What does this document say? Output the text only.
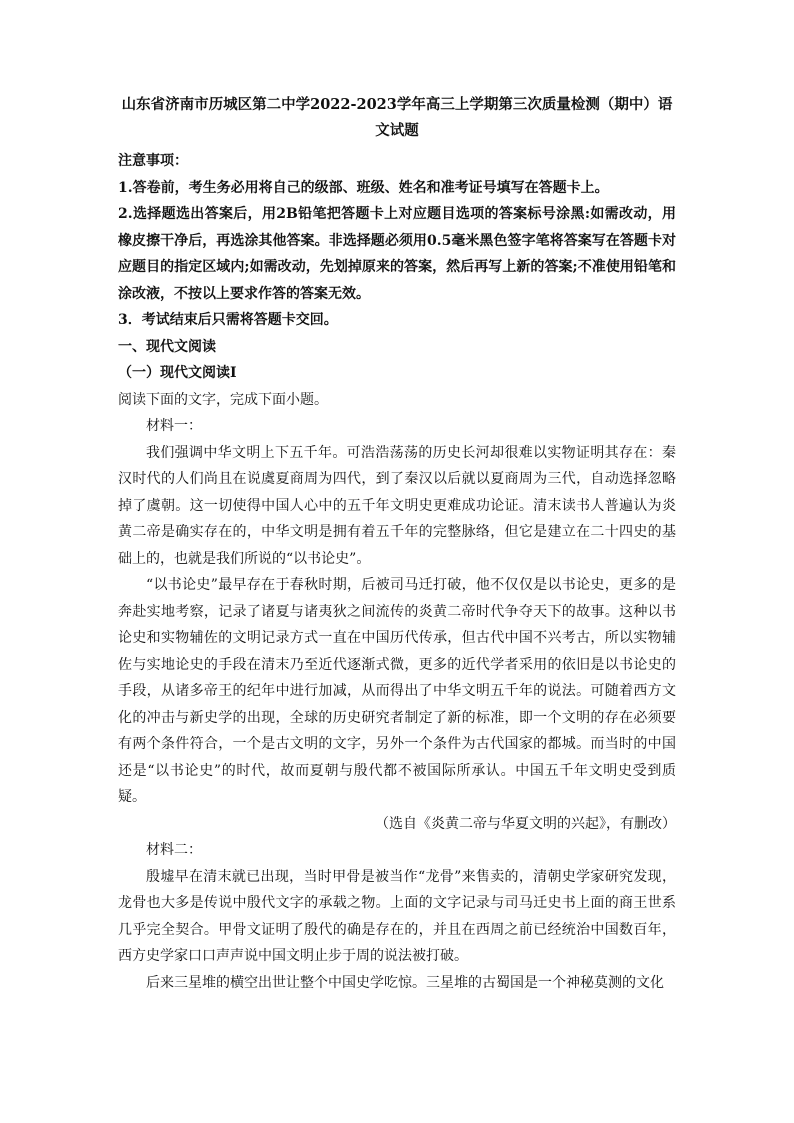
山东省济南市历城区第二中学2022-2023学年高三上学期第三次质量检测（期中）语文试题

注意事项：

1.答卷前，考生务必用将自己的级部、班级、姓名和准考证号填写在答题卡上。

2.选择题选出答案后，用2B铅笔把答题卡上对应题目选项的答案标号涂黑:如需改动，用橡皮擦干净后，再选涂其他答案。非选择题必须用0.5毫米黑色签字笔将答案写在答题卡对应题目的指定区域内;如需改动，先划掉原来的答案，然后再写上新的答案;不准使用铅笔和涂改液，不按以上要求作答的答案无效。

3．考试结束后只需将答题卡交回。

一、现代文阅读

（一）现代文阅读Ⅰ

阅读下面的文字，完成下面小题。

材料一：

我们强调中华文明上下五千年。可浩浩荡荡的历史长河却很难以实物证明其存在：秦汉时代的人们尚且在说虞夏商周为四代，到了秦汉以后就以夏商周为三代，自动选择忽略掉了虞朝。这一切使得中国人心中的五千年文明史更难成功论证。清末读书人普遍认为炎黄二帝是确实存在的，中华文明是拥有着五千年的完整脉络，但它是建立在二十四史的基础上的，也就是我们所说的“以书论史”。

“以书论史”最早存在于春秋时期，后被司马迁打破，他不仅仅是以书论史，更多的是奔赴实地考察，记录了诸夏与诸夷狄之间流传的炎黄二帝时代争夺天下的故事。这种以书论史和实物辅佐的文明记录方式一直在中国历代传承，但古代中国不兴考古，所以实物辅佐与实地论史的手段在清末乃至近代逐渐式微，更多的近代学者采用的依旧是以书论史的手段，从诸多帝王的纪年中进行加减，从而得出了中华文明五千年的说法。可随着西方文化的冲击与新史学的出现，全球的历史研究者制定了新的标准，即一个文明的存在必须要有两个条件符合，一个是古文明的文字，另外一个条件为古代国家的都城。而当时的中国还是“以书论史”的时代，故而夏朝与殷代都不被国际所承认。中国五千年文明史受到质疑。

（选自《炎黄二帝与华夏文明的兴起》，有删改）

材料二：

殷墟早在清末就已出现，当时甲骨是被当作“龙骨”来售卖的，清朝史学家研究发现，龙骨也大多是传说中殷代文字的承载之物。上面的文字记录与司马迁史书上面的商王世系几乎完全契合。甲骨文证明了殷代的确是存在的，并且在西周之前已经统治中国数百年，西方史学家口口声声说中国文明止步于周的说法被打破。

后来三星堆的横空出世让整个中国史学吃惊。三星堆的古蜀国是一个神秘莫测的文化
